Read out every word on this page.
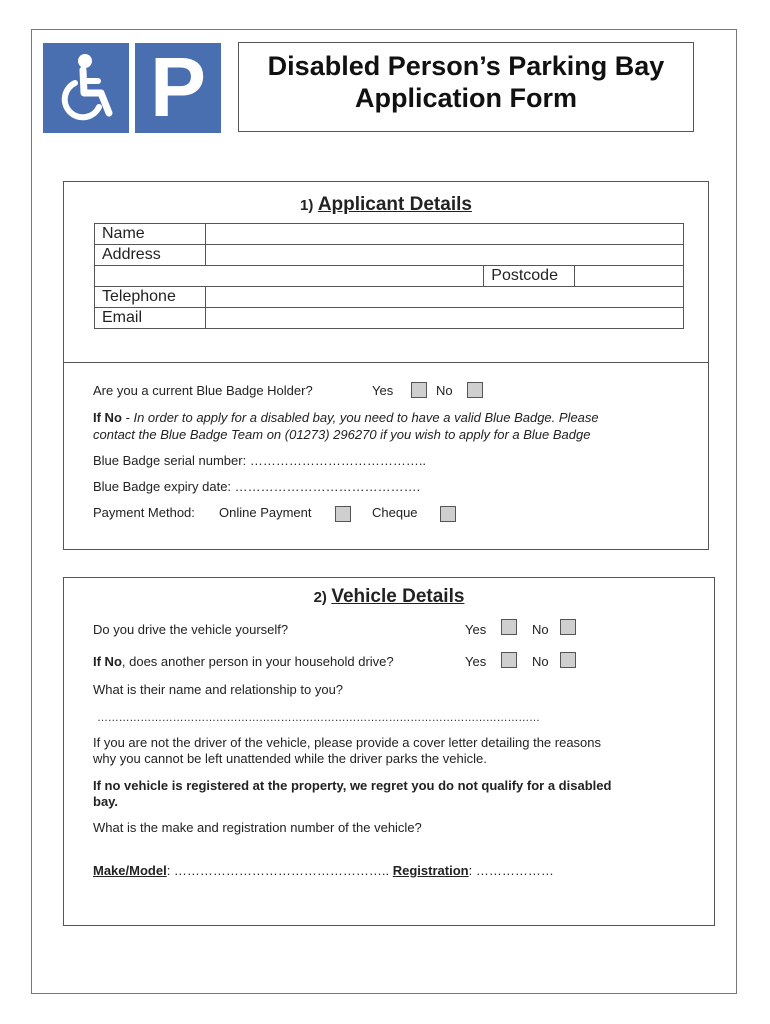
P	Disabled Person’s Parking Bay
Application Form
1) Applicant Details
Name			
Address			
		Postcode	
Telephone			
Email			
Are you a current Blue Badge Holder?	Yes	No
If No - In order to apply for a disabled bay, you need to have a valid Blue Badge. Please
contact the Blue Badge Team on (01273) 296270 if you wish to apply for a Blue Badge
Blue Badge serial number: …………………………………..
Blue Badge expiry date: …………………………………….
Payment Method: Online Payment	Cheque
2) Vehicle Details
Do you drive the vehicle yourself?	Yes	No
If No, does another person in your household drive?	Yes	No
What is their name and relationship to you?
……………………………………………………………………………………………………………
If you are not the driver of the vehicle, please provide a cover letter detailing the reasons
why you cannot be left unattended while the driver parks the vehicle.
If no vehicle is registered at the property, we regret you do not qualify for a disabled
bay.
What is the make and registration number of the vehicle?
Make/Model: ………………………………………….. Registration: ………………
